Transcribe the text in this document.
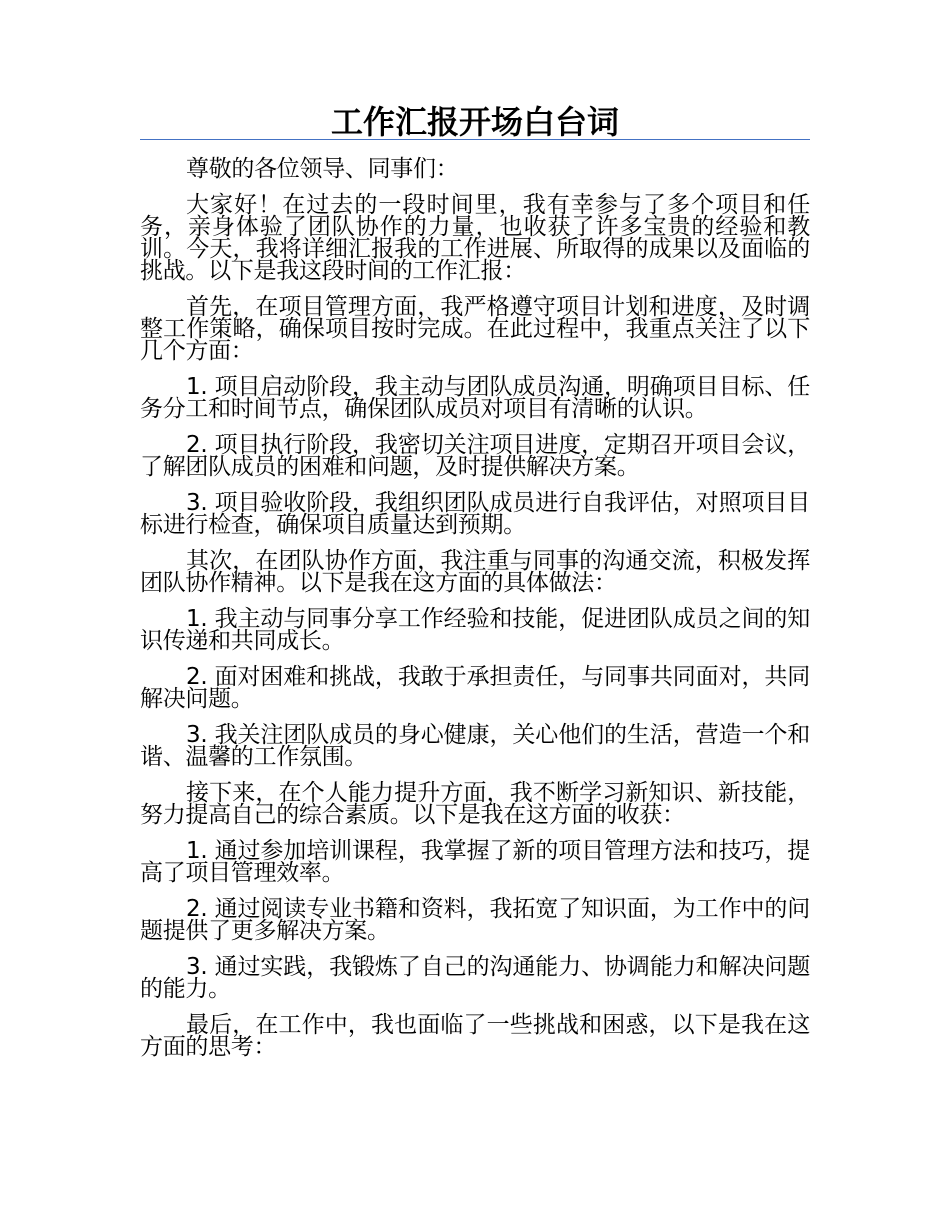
工作汇报开场白台词

尊敬的各位领导、同事们：

大家好！在过去的一段时间里，我有幸参与了多个项目和任务，亲身体验了团队协作的力量，也收获了许多宝贵的经验和教训。今天，我将详细汇报我的工作进展、所取得的成果以及面临的挑战。以下是我这段时间的工作汇报：

首先，在项目管理方面，我严格遵守项目计划和进度，及时调整工作策略，确保项目按时完成。在此过程中，我重点关注了以下几个方面：

1. 项目启动阶段，我主动与团队成员沟通，明确项目目标、任务分工和时间节点，确保团队成员对项目有清晰的认识。

2. 项目执行阶段，我密切关注项目进度，定期召开项目会议，了解团队成员的困难和问题，及时提供解决方案。

3. 项目验收阶段，我组织团队成员进行自我评估，对照项目目标进行检查，确保项目质量达到预期。

其次，在团队协作方面，我注重与同事的沟通交流，积极发挥团队协作精神。以下是我在这方面的具体做法：

1. 我主动与同事分享工作经验和技能，促进团队成员之间的知识传递和共同成长。

2. 面对困难和挑战，我敢于承担责任，与同事共同面对，共同解决问题。

3. 我关注团队成员的身心健康，关心他们的生活，营造一个和谐、温馨的工作氛围。

接下来，在个人能力提升方面，我不断学习新知识、新技能，努力提高自己的综合素质。以下是我在这方面的收获：

1. 通过参加培训课程，我掌握了新的项目管理方法和技巧，提高了项目管理效率。

2. 通过阅读专业书籍和资料，我拓宽了知识面，为工作中的问题提供了更多解决方案。

3. 通过实践，我锻炼了自己的沟通能力、协调能力和解决问题的能力。

最后，在工作中，我也面临了一些挑战和困惑，以下是我在这方面的思考：
